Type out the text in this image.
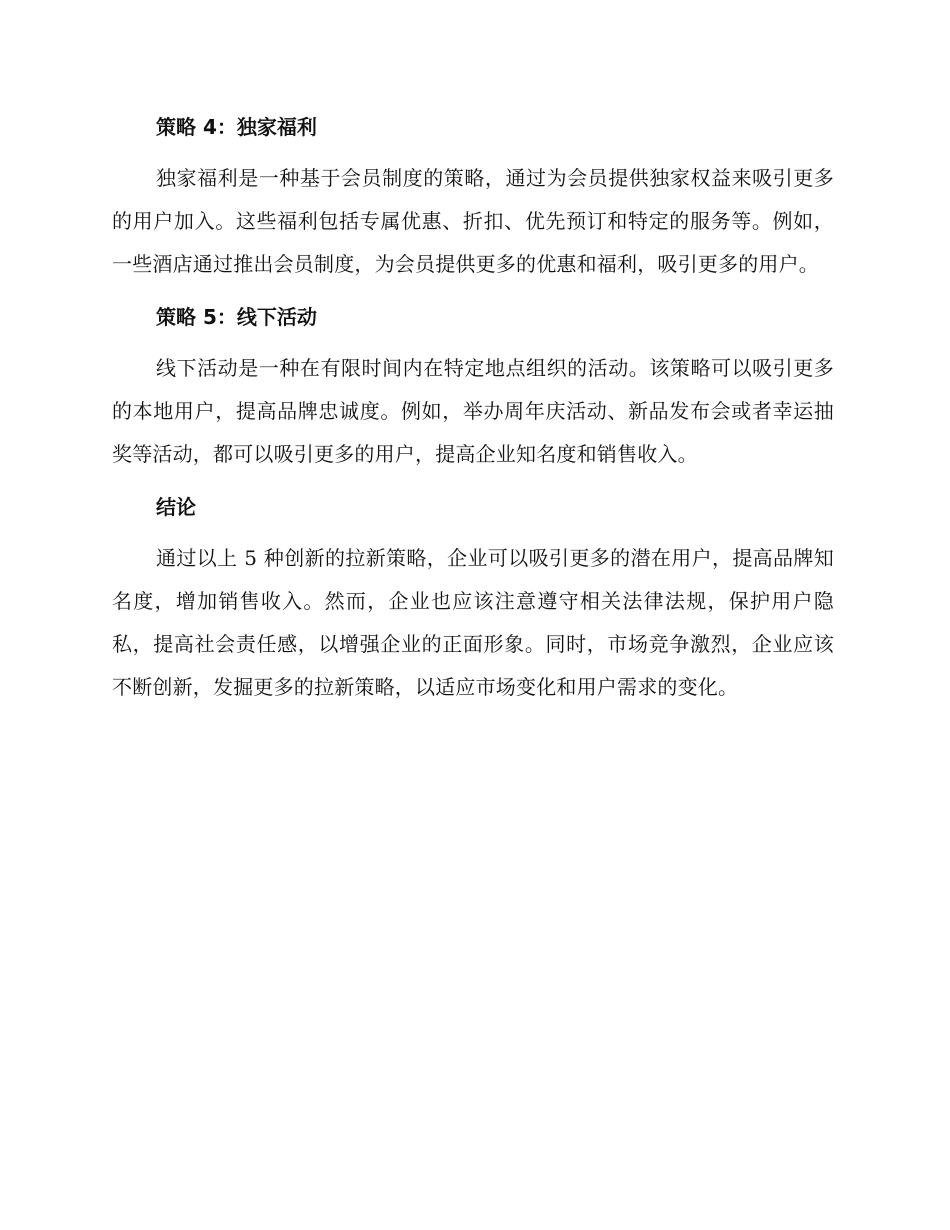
策略 4：独家福利

独家福利是一种基于会员制度的策略，通过为会员提供独家权益来吸引更多的用户加入。这些福利包括专属优惠、折扣、优先预订和特定的服务等。例如，一些酒店通过推出会员制度，为会员提供更多的优惠和福利，吸引更多的用户。

策略 5：线下活动

线下活动是一种在有限时间内在特定地点组织的活动。该策略可以吸引更多的本地用户，提高品牌忠诚度。例如，举办周年庆活动、新品发布会或者幸运抽奖等活动，都可以吸引更多的用户，提高企业知名度和销售收入。

结论

通过以上 5 种创新的拉新策略，企业可以吸引更多的潜在用户，提高品牌知名度，增加销售收入。然而，企业也应该注意遵守相关法律法规，保护用户隐私，提高社会责任感，以增强企业的正面形象。同时，市场竞争激烈，企业应该不断创新，发掘更多的拉新策略，以适应市场变化和用户需求的变化。
